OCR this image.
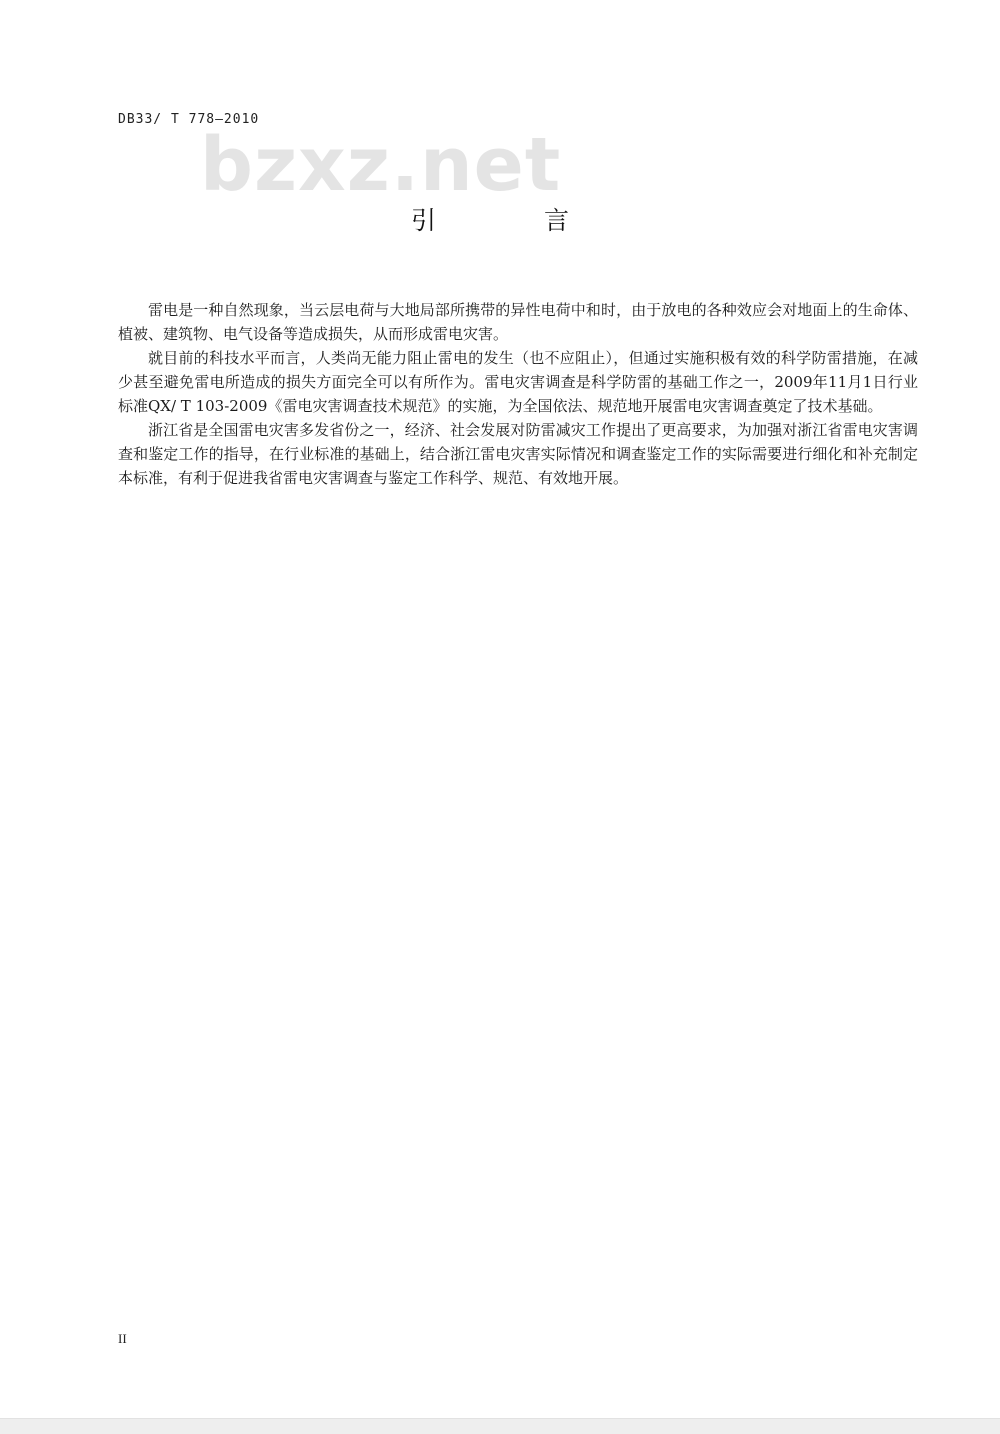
DB33/ T 778—2010
bzxz.net
引 言

雷电是一种自然现象，当云层电荷与大地局部所携带的异性电荷中和时，由于放电的各种效应会对地面上的生命体、植被、建筑物、电气设备等造成损失，从而形成雷电灾害。

就目前的科技水平而言，人类尚无能力阻止雷电的发生（也不应阻止），但通过实施积极有效的科学防雷措施，在减少甚至避免雷电所造成的损失方面完全可以有所作为。雷电灾害调查是科学防雷的基础工作之一，2009年11月1日行业标准QX/ T 103-2009《雷电灾害调查技术规范》的实施，为全国依法、规范地开展雷电灾害调查奠定了技术基础。

浙江省是全国雷电灾害多发省份之一，经济、社会发展对防雷减灾工作提出了更高要求，为加强对浙江省雷电灾害调查和鉴定工作的指导，在行业标准的基础上，结合浙江雷电灾害实际情况和调查鉴定工作的实际需要进行细化和补充制定本标准，有利于促进我省雷电灾害调查与鉴定工作科学、规范、有效地开展。

II
